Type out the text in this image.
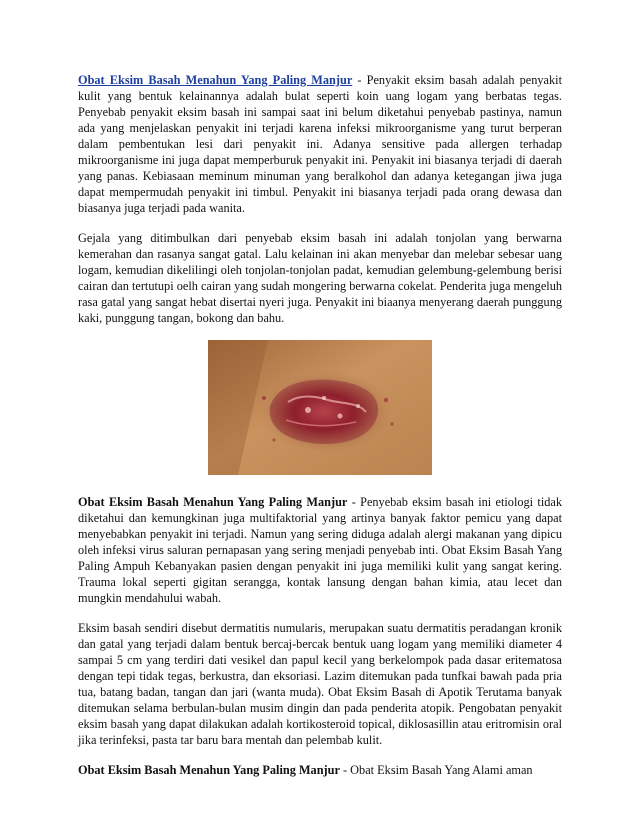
Obat Eksim Basah Menahun Yang Paling Manjur - Penyakit eksim basah adalah penyakit kulit yang bentuk kelainannya adalah bulat seperti koin uang logam yang berbatas tegas. Penyebab penyakit eksim basah ini sampai saat ini belum diketahui penyebab pastinya, namun ada yang menjelaskan penyakit ini terjadi karena infeksi mikroorganisme yang turut berperan dalam pembentukan lesi dari penyakit ini. Adanya sensitive pada allergen terhadap mikroorganisme ini juga dapat memperburuk penyakit ini. Penyakit ini biasanya terjadi di daerah yang panas. Kebiasaan meminum minuman yang beralkohol dan adanya ketegangan jiwa juga dapat mempermudah penyakit ini timbul. Penyakit ini biasanya terjadi pada orang dewasa dan biasanya juga terjadi pada wanita.

Gejala yang ditimbulkan dari penyebab eksim basah ini adalah tonjolan yang berwarna kemerahan dan rasanya sangat gatal. Lalu kelainan ini akan menyebar dan melebar sebesar uang logam, kemudian dikelilingi oleh tonjolan-tonjolan padat, kemudian gelembung-gelembung berisi cairan dan tertutupi oelh cairan yang sudah mongering berwarna cokelat. Penderita juga mengeluh rasa gatal yang sangat hebat disertai nyeri juga. Penyakit ini biaanya menyerang daerah punggung kaki, punggung tangan, bokong dan bahu.

Obat Eksim Basah Menahun Yang Paling Manjur - Penyebab eksim basah ini etiologi tidak diketahui dan kemungkinan juga multifaktorial yang artinya banyak faktor pemicu yang dapat menyebabkan penyakit ini terjadi. Namun yang sering diduga adalah alergi makanan yang dipicu oleh infeksi virus saluran pernapasan yang sering menjadi penyebab inti. Obat Eksim Basah Yang Paling Ampuh Kebanyakan pasien dengan penyakit ini juga memiliki kulit yang sangat kering. Trauma lokal seperti gigitan serangga, kontak lansung dengan bahan kimia, atau lecet dan mungkin mendahului wabah.

Eksim basah sendiri disebut dermatitis numularis, merupakan suatu dermatitis peradangan kronik dan gatal yang terjadi dalam bentuk bercaj-bercak bentuk uang logam yang memiliki diameter 4 sampai 5 cm yang terdiri dati vesikel dan papul kecil yang berkelompok pada dasar eritematosa dengan tepi tidak tegas, berkustra, dan eksoriasi. Lazim ditemukan pada tunfkai bawah pada pria tua, batang badan, tangan dan jari (wanta muda). Obat Eksim Basah di Apotik Terutama banyak ditemukan selama berbulan-bulan musim dingin dan pada penderita atopik. Pengobatan penyakit eksim basah yang dapat dilakukan adalah kortikosteroid topical, diklosasillin atau eritromisin oral jika terinfeksi, pasta tar baru bara mentah dan pelembab kulit.

Obat Eksim Basah Menahun Yang Paling Manjur - Obat Eksim Basah Yang Alami aman
